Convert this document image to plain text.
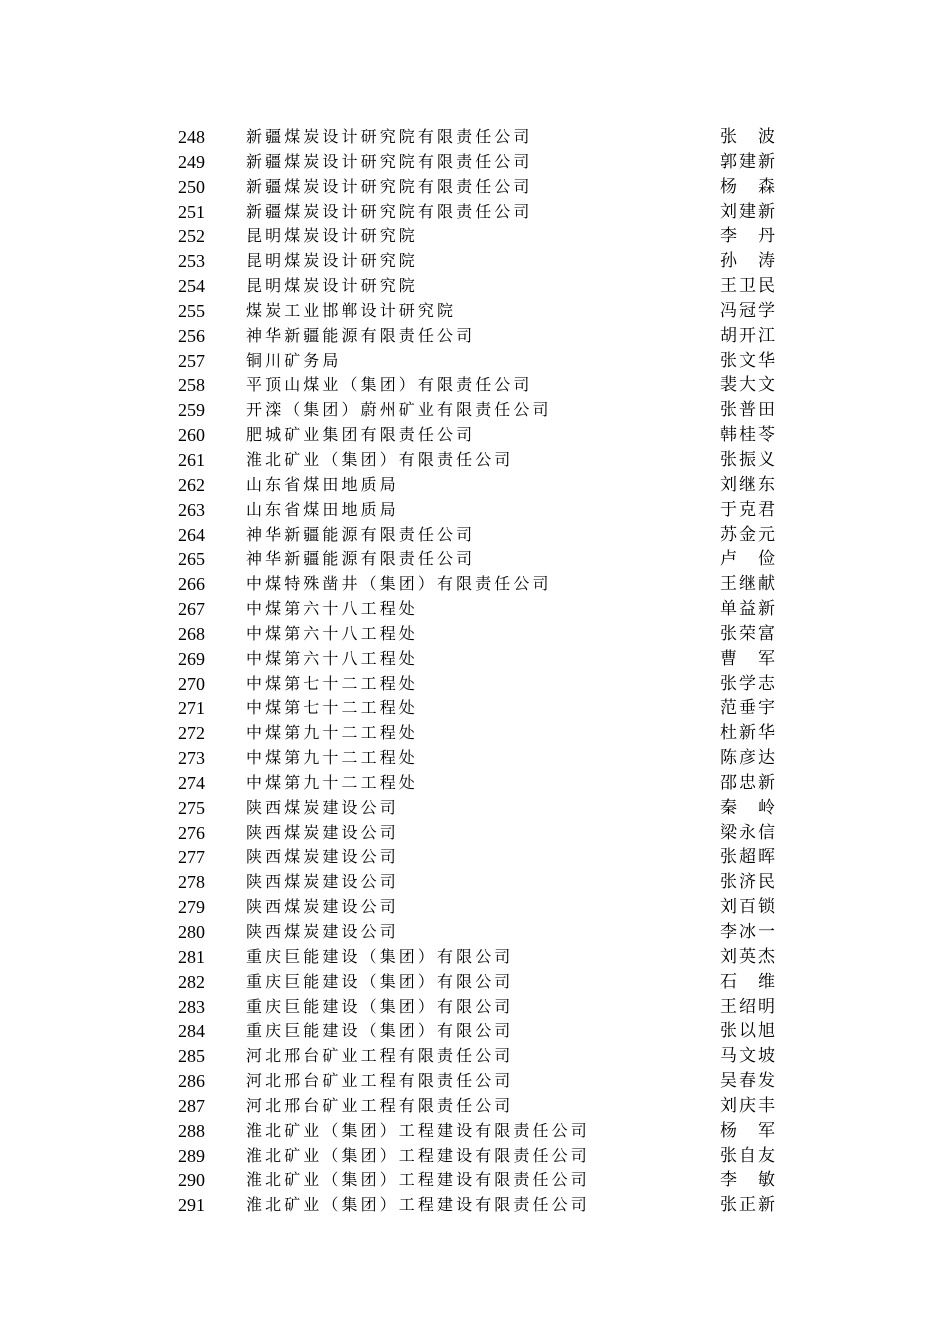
248	新疆煤炭设计研究院有限责任公司	张　波
249	新疆煤炭设计研究院有限责任公司	郭建新
250	新疆煤炭设计研究院有限责任公司	杨　森
251	新疆煤炭设计研究院有限责任公司	刘建新
252	昆明煤炭设计研究院	李　丹
253	昆明煤炭设计研究院	孙　涛
254	昆明煤炭设计研究院	王卫民
255	煤炭工业邯郸设计研究院	冯冠学
256	神华新疆能源有限责任公司	胡开江
257	铜川矿务局	张文华
258	平顶山煤业（集团）有限责任公司	裴大文
259	开滦（集团）蔚州矿业有限责任公司	张普田
260	肥城矿业集团有限责任公司	韩桂苓
261	淮北矿业（集团）有限责任公司	张振义
262	山东省煤田地质局	刘继东
263	山东省煤田地质局	于克君
264	神华新疆能源有限责任公司	苏金元
265	神华新疆能源有限责任公司	卢　俭
266	中煤特殊凿井（集团）有限责任公司	王继献
267	中煤第六十八工程处	单益新
268	中煤第六十八工程处	张荣富
269	中煤第六十八工程处	曹　军
270	中煤第七十二工程处	张学志
271	中煤第七十二工程处	范垂宇
272	中煤第九十二工程处	杜新华
273	中煤第九十二工程处	陈彦达
274	中煤第九十二工程处	邵忠新
275	陕西煤炭建设公司	秦　岭
276	陕西煤炭建设公司	梁永信
277	陕西煤炭建设公司	张超晖
278	陕西煤炭建设公司	张济民
279	陕西煤炭建设公司	刘百锁
280	陕西煤炭建设公司	李冰一
281	重庆巨能建设（集团）有限公司	刘英杰
282	重庆巨能建设（集团）有限公司	石　维
283	重庆巨能建设（集团）有限公司	王绍明
284	重庆巨能建设（集团）有限公司	张以旭
285	河北邢台矿业工程有限责任公司	马文坡
286	河北邢台矿业工程有限责任公司	吴春发
287	河北邢台矿业工程有限责任公司	刘庆丰
288	淮北矿业（集团）工程建设有限责任公司	杨　军
289	淮北矿业（集团）工程建设有限责任公司	张自友
290	淮北矿业（集团）工程建设有限责任公司	李　敏
291	淮北矿业（集团）工程建设有限责任公司	张正新
